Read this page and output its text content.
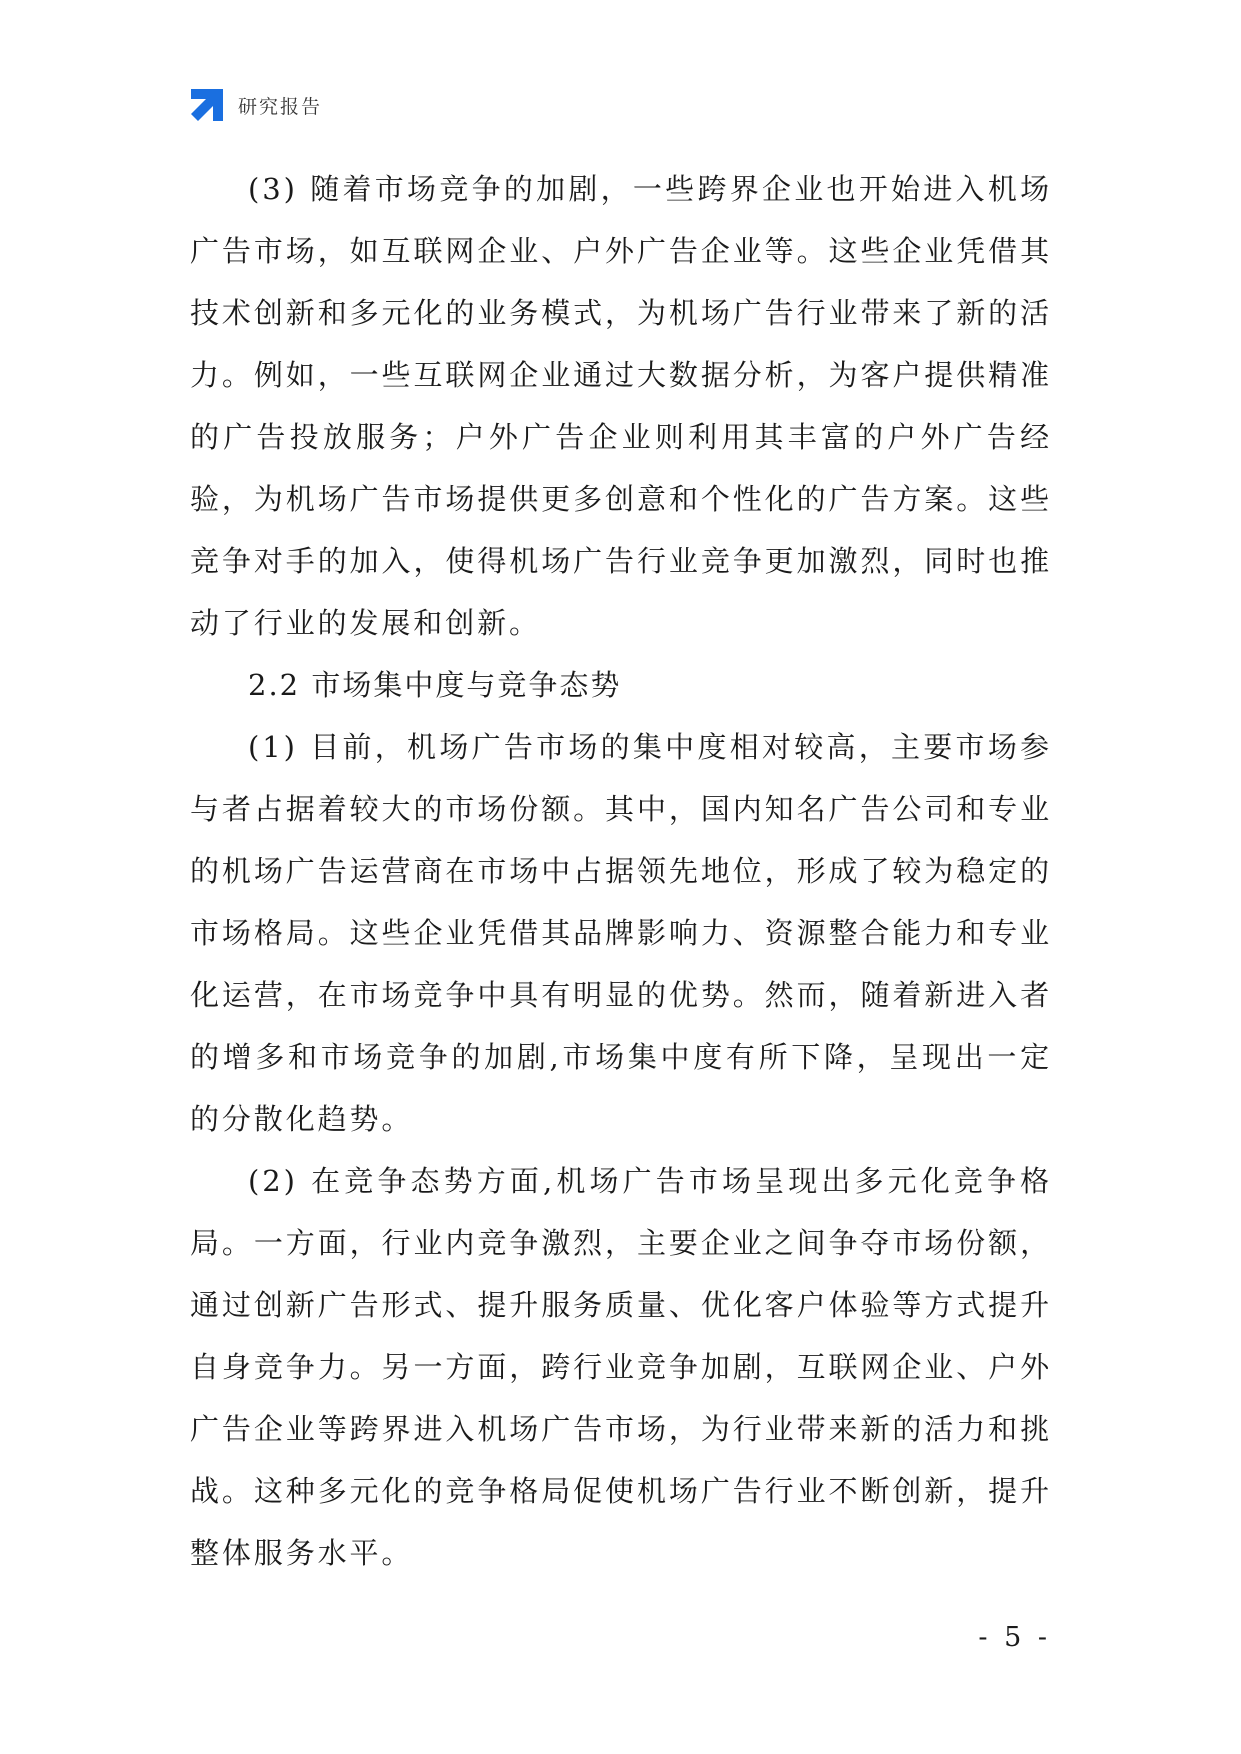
研究报告

(3) 随着市场竞争的加剧，一些跨界企业也开始进入机场广告市场，如互联网企业、户外广告企业等。这些企业凭借其技术创新和多元化的业务模式，为机场广告行业带来了新的活力。例如，一些互联网企业通过大数据分析，为客户提供精准的广告投放服务；户外广告企业则利用其丰富的户外广告经验，为机场广告市场提供更多创意和个性化的广告方案。这些竞争对手的加入，使得机场广告行业竞争更加激烈，同时也推动了行业的发展和创新。

2.2 市场集中度与竞争态势

(1) 目前，机场广告市场的集中度相对较高，主要市场参与者占据着较大的市场份额。其中，国内知名广告公司和专业的机场广告运营商在市场中占据领先地位，形成了较为稳定的市场格局。这些企业凭借其品牌影响力、资源整合能力和专业化运营，在市场竞争中具有明显的优势。然而，随着新进入者的增多和市场竞争的加剧,市场集中度有所下降，呈现出一定的分散化趋势。

(2) 在竞争态势方面,机场广告市场呈现出多元化竞争格局。一方面，行业内竞争激烈，主要企业之间争夺市场份额，通过创新广告形式、提升服务质量、优化客户体验等方式提升自身竞争力。另一方面，跨行业竞争加剧，互联网企业、户外广告企业等跨界进入机场广告市场，为行业带来新的活力和挑战。这种多元化的竞争格局促使机场广告行业不断创新，提升整体服务水平。

- 5 -
